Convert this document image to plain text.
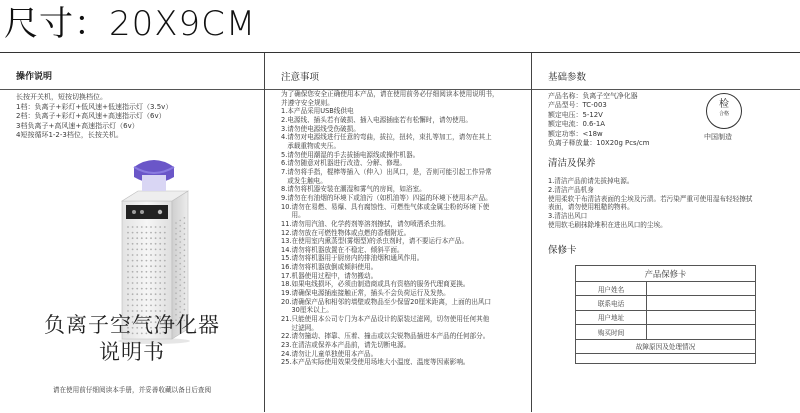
尺寸：20X9CM
操作说明
长按开关机，短按切换档位。
1档：负离子+彩灯+低风速+低速指示灯（3.5v）
2档：负离子+彩灯+高风速+高速指示灯（6v）
3档负离子+高风速+高速指示灯（6v）
4短按循环1-2-3档位，长按关机。
负离子空气净化器
说明书
请在使用前仔细阅读本手册，并妥善收藏以备日后查阅
注意事项
为了确保您安全正确使用本产品，请在使用前务必仔细阅读本使用说明书，
并遵守安全规则。
1.本产品采用USB线供电
2.电源线、插头若有破损、插入电源插座若有松懈时，请勿使用。
3.请勿使电源线受伤破损。
4.请勿对电源线进行任意的弯曲，拔拉，扭转，束扎等加工，请勿在其上
承载重物或夹压。
5.请勿使用潮湿的手去拔插电源线或操作机器。
6.请勿随意对机器进行改造、分解、修理。
7.请勿将手指，棍棒等插入（伸入）出风口，是，否则可能引起工作异常
或发生触电。
8.请勿将机器安装在潮湿和雾气的房间，如浴室。
9.请勿在有油烟的环境下或油污（如机油等）四溢的环境下使用本产品。
10.请勿在易燃、易爆、具有腐蚀性、可燃性气体或金属尘粉的环境下使
用。
11.请勿用汽油、化学药剂等溶剂擦拭，请勿喷洒杀虫剂。
12.请勿放在可燃性物体或点燃的香烟附近。
13.在使用室内熏蒸型(雾烟型)的杀虫剂时，请不要运行本产品。
14.请勿将机器放置在不稳定、倾斜平面。
15.请勿将机器用于厨房内的排油烟和通风作用。
16.请勿将机器放倒或倾斜使用。
17.机器使用过程中，请勿搬动。
18.如果电线损坏，必须由制造商或具有资格的服务代理商更换。
19.请确保电源插座接触正常，插头不会负荷运行及发热。
20.请确保产品和相邻的墙壁或物品至少保留20厘米距离，上面的出风口
30厘米以上。
21.只能使用本公司专门为本产品设计的原装过滤网，切勿使用任何其他
过滤网。
22.请勿撞动、摔靠、压着、撞击或以尖锐物品插进本产品的任何部分。
23.在清洁或保养本产品前，请先切断电源。
24.请勿让儿童单独使用本产品。
25.本产品实际使用效果受使用场地大小温度、温度等因素影响。
基础参数
产品名称：负离子空气净化器
产品型号：TC-003
额定电压：5-12V
额定电流：0.6-1A
额定功率：<18w
负离子释放量：10X20g Pcs/cm
清洁及保养
保修卡
检
合格
中国制造
1.清洁产品前请先拔掉电源。
2.清洁产品机身
使用柔软干布清洁表面的尘埃及污渍。若污染严重可使用湿布轻轻擦拭
表面，请勿使用粗糙的物料。
3.清洁出风口
使用软毛刷抹除堆积在进出风口的尘埃。
产品保修卡	
用户姓名	
联系电话	
用户地址	
购买时间	
故障原因及处理情况	
